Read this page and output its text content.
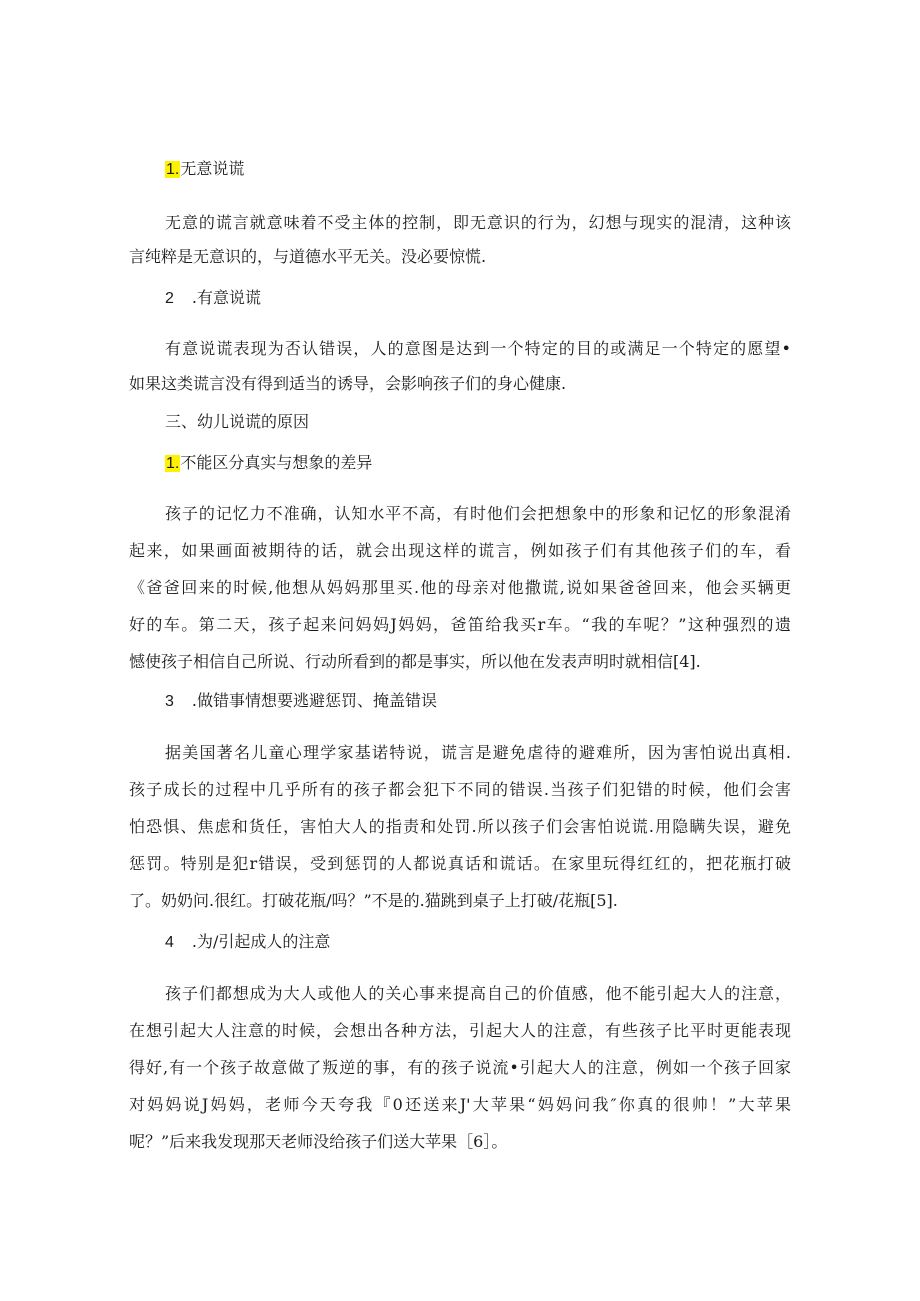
1.无意说谎
无意的谎言就意味着不受主体的控制，即无意识的行为，幻想与现实的混清，这种该
言纯粹是无意识的，与道德水平无关。没必要惊慌.
2 .有意说谎
有意说谎表现为否认错误，人的意图是达到一个特定的目的或满足一个特定的愿望•
如果这类谎言没有得到适当的诱导，会影响孩子们的身心健康.
三、幼儿说谎的原因
1.不能区分真实与想象的差异
孩子的记忆力不准确，认知水平不高，有时他们会把想象中的形象和记忆的形象混淆
起来，如果画面被期待的话，就会出现这样的谎言，例如孩子们有其他孩子们的车，看
《爸爸回来的时候,他想从妈妈那里买.他的母亲对他撒谎,说如果爸爸回来，他会买辆更
好的车。第二天，孩子起来问妈妈J妈妈，爸笛给我买r车。“我的车呢？”这种强烈的遗
憾使孩子相信自己所说、行动所看到的都是事实，所以他在发表声明时就相信[4].
3 .做错事情想要逃避惩罚、掩盖错误
据美国著名儿童心理学家基诺特说，谎言是避免虐待的避难所，因为害怕说出真相.
孩子成长的过程中几乎所有的孩子都会犯下不同的错误.当孩子们犯错的时候，他们会害
怕恐惧、焦虑和货任，害怕大人的指责和处罚.所以孩子们会害怕说谎.用隐瞒失误，避免
惩罚。特别是犯r错误，受到惩罚的人都说真话和谎话。在家里玩得红红的，把花瓶打破
了。奶奶问.很红。打破花瓶/吗？”不是的.猫跳到桌子上打破/花瓶[5].
4 .为/引起成人的注意
孩子们都想成为大人或他人的关心事来提高自己的价值感，他不能引起大人的注意，
在想引起大人注意的时候，会想出各种方法，引起大人的注意，有些孩子比平时更能表现
得好,有一个孩子故意做了叛逆的事，有的孩子说流•引起大人的注意，例如一个孩子回家
对妈妈说J妈妈，老师今天夸我『0还送来J'大苹果“妈妈问我″你真的很帅！”大苹果
呢？”后来我发现那天老师没给孩子们送大苹果［6］。
